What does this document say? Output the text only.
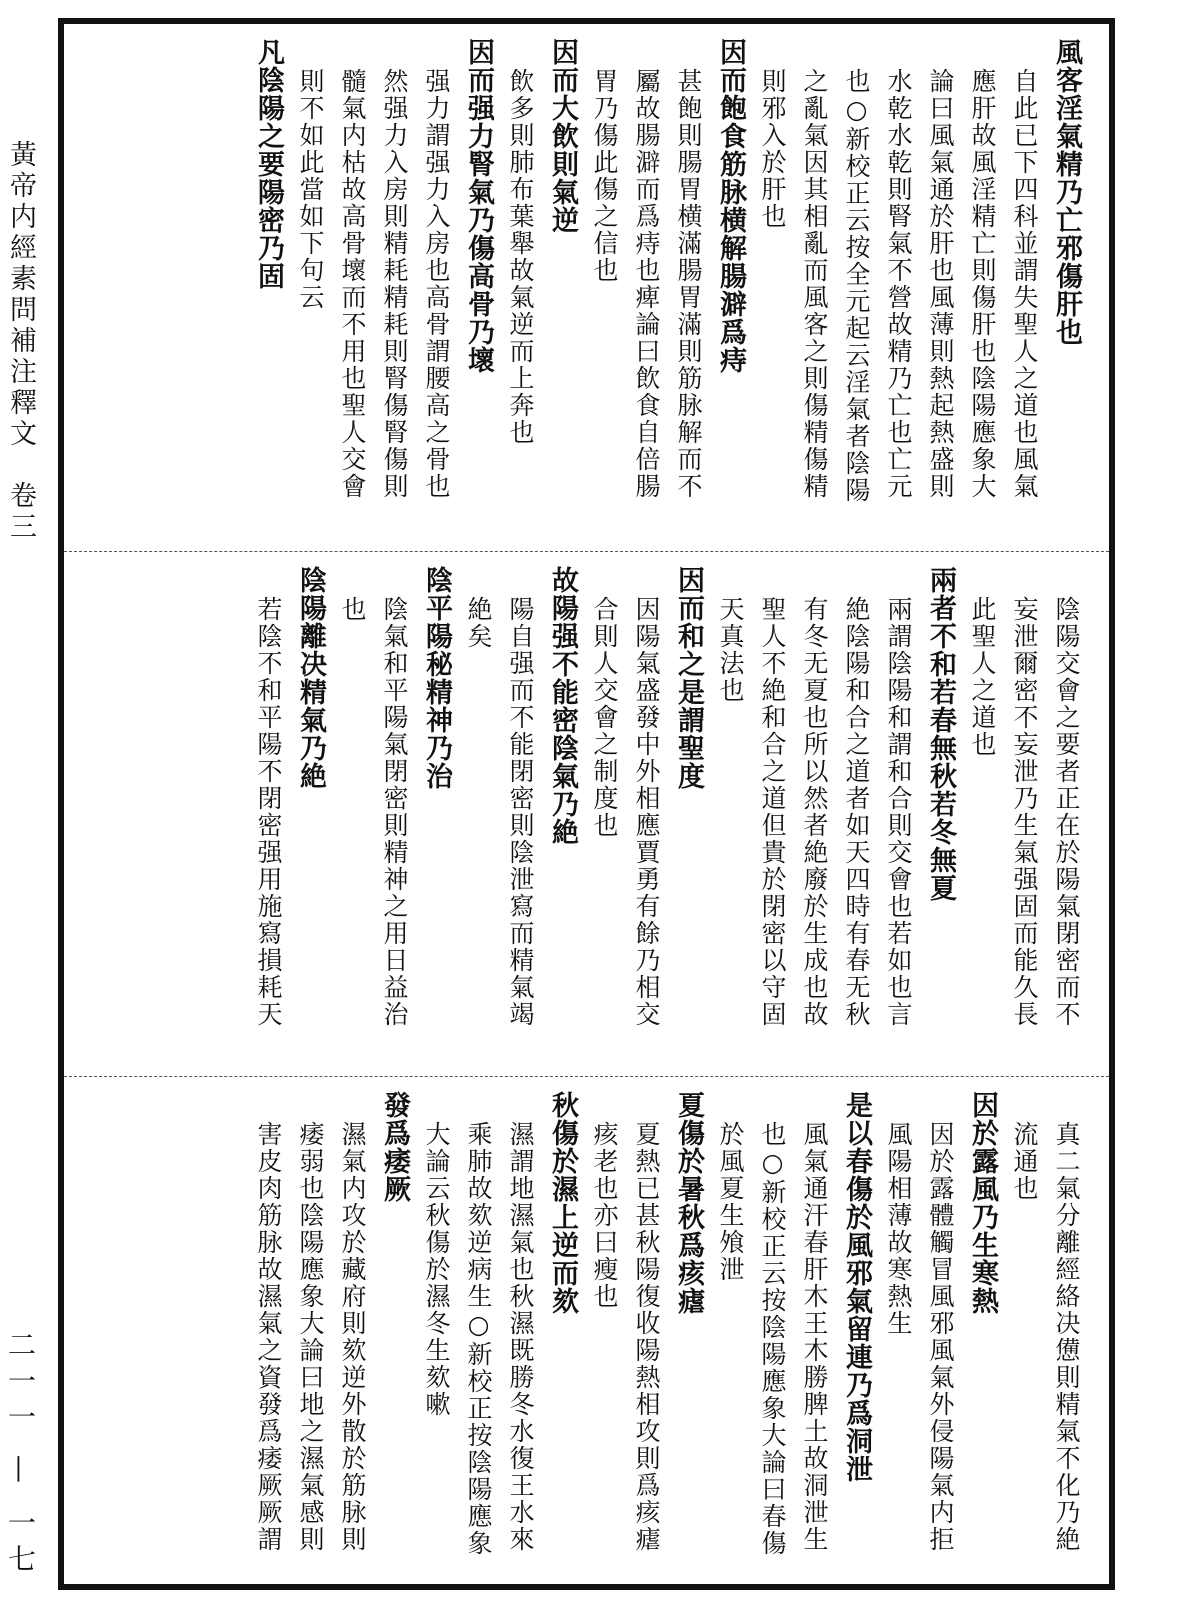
黃帝内經素問補注釋文　卷三
二一一 — 一七
風客淫氣精乃亡邪傷肝也
自此已下四科並謂失聖人之道也風氣
應肝故風淫精亡則傷肝也陰陽應象大
論曰風氣通於肝也風薄則熱起熱盛則
水乾水乾則腎氣不營故精乃亡也亡元
也○新校正云按全元起云淫氣者陰陽
之亂氣因其相亂而風客之則傷精傷精
則邪入於肝也
因而飽食筋脉横解腸澼爲痔
甚飽則腸胃横滿腸胃滿則筋脉解而不
屬故腸澼而爲痔也痺論曰飲食自倍腸
胃乃傷此傷之信也
因而大飲則氣逆
飲多則肺布葉舉故氣逆而上奔也
因而强力腎氣乃傷高骨乃壞
强力謂强力入房也高骨謂腰高之骨也
然强力入房則精耗精耗則腎傷腎傷則
髓氣内枯故高骨壞而不用也聖人交會
則不如此當如下句云
凡陰陽之要陽密乃固
陰陽交會之要者正在於陽氣閉密而不
妄泄爾密不妄泄乃生氣强固而能久長
此聖人之道也
兩者不和若春無秋若冬無夏
兩謂陰陽和謂和合則交會也若如也言
絶陰陽和合之道者如天四時有春无秋
有冬无夏也所以然者絶廢於生成也故
聖人不絶和合之道但貴於閉密以守固
天真法也
因而和之是謂聖度
因陽氣盛發中外相應賈勇有餘乃相交
合則人交會之制度也
故陽强不能密陰氣乃絶
陽自强而不能閉密則陰泄寫而精氣竭
絶矣
陰平陽秘精神乃治
陰氣和平陽氣閉密則精神之用日益治
也
陰陽離决精氣乃絶
若陰不和平陽不閉密强用施寫損耗天
真二氣分離經絡决憊則精氣不化乃絶
流通也
因於露風乃生寒熱
因於露體觸冒風邪風氣外侵陽氣内拒
風陽相薄故寒熱生
是以春傷於風邪氣留連乃爲洞泄
風氣通汗春肝木王木勝脾土故洞泄生
也○新校正云按陰陽應象大論曰春傷
於風夏生飧泄
夏傷於暑秋爲痎瘧
夏熱已甚秋陽復收陽熱相攻則爲痎瘧
痎老也亦曰瘦也
秋傷於濕上逆而欬
濕謂地濕氣也秋濕既勝冬水復王水來
乘肺故欬逆病生○新校正按陰陽應象
大論云秋傷於濕冬生欬嗽
發爲痿厥
濕氣内攻於藏府則欬逆外散於筋脉則
痿弱也陰陽應象大論曰地之濕氣感則
害皮肉筋脉故濕氣之資發爲痿厥厥謂
